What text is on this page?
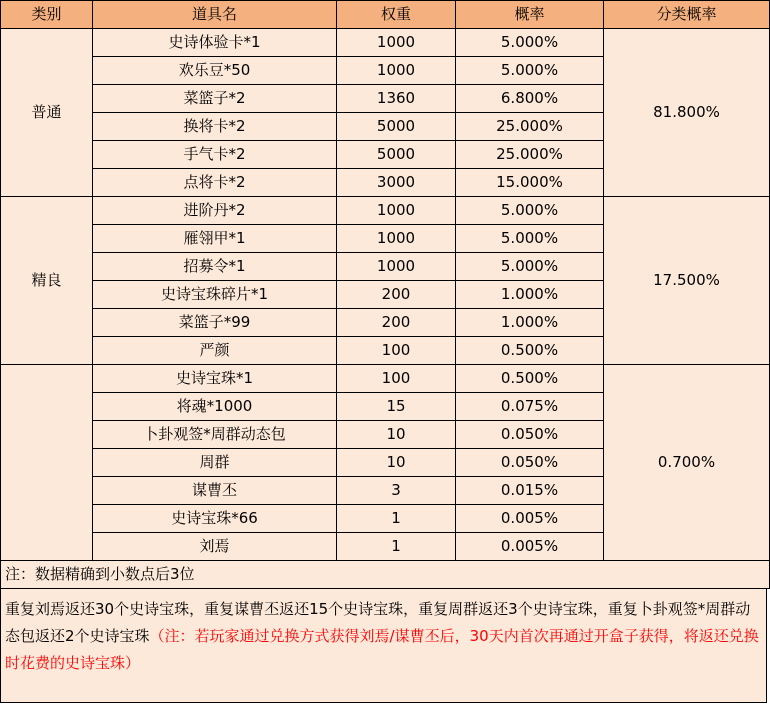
类别	道具名	权重	概率	分类概率
普通	史诗体验卡*1	1000	5.000%	81.800%
	欢乐豆*50	1000	5.000%	
	菜篮子*2	1360	6.800%	
	换将卡*2	5000	25.000%	
	手气卡*2	5000	25.000%	
	点将卡*2	3000	15.000%	
精良	进阶丹*2	1000	5.000%	17.500%
	雁翎甲*1	1000	5.000%	
	招募令*1	1000	5.000%	
	史诗宝珠碎片*1	200	1.000%	
	菜篮子*99	200	1.000%	
	严颜	100	0.500%	
	史诗宝珠*1	100	0.500%	0.700%
	将魂*1000	15	0.075%	
	卜卦观签*周群动态包	10	0.050%	
	周群	10	0.050%	
	谋曹丕	3	0.015%	
	史诗宝珠*66	1	0.005%	
	刘焉	1	0.005%	
注：数据精确到小数点后3位				
重复刘焉返还30个史诗宝珠，重复谋曹丕返还15个史诗宝珠，重复周群返还3个史诗宝珠，重复卜卦观签*周群动态包返还2个史诗宝珠（注：若玩家通过兑换方式获得刘焉/谋曹丕后，30天内首次再通过开盒子获得，将返还兑换时花费的史诗宝珠）
